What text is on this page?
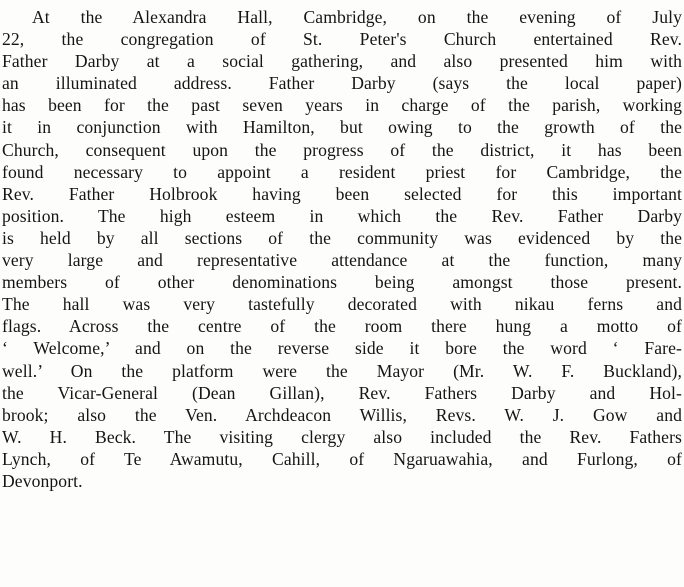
At the Alexandra Hall, Cambridge, on the evening of July
22, the congregation of St. Peter's Church entertained Rev.
Father Darby at a social gathering, and also presented him with
an illuminated address. Father Darby (says the local paper)
has been for the past seven years in charge of the parish, working
it in conjunction with Hamilton, but owing to the growth of the
Church, consequent upon the progress of the district, it has been
found necessary to appoint a resident priest for Cambridge, the
Rev. Father Holbrook having been selected for this important
position. The high esteem in which the Rev. Father Darby
is held by all sections of the community was evidenced by the
very large and representative attendance at the function, many
members of other denominations being amongst those present.
The hall was very tastefully decorated with nikau ferns and
flags. Across the centre of the room there hung a motto of
‘ Welcome,’ and on the reverse side it bore the word ‘ Fare-
well.’ On the platform were the Mayor (Mr. W. F. Buckland),
the Vicar-General (Dean Gillan), Rev. Fathers Darby and Hol-
brook; also the Ven. Archdeacon Willis, Revs. W. J. Gow and
W. H. Beck. The visiting clergy also included the Rev. Fathers
Lynch, of Te Awamutu, Cahill, of Ngaruawahia, and Furlong, of
Devonport.
